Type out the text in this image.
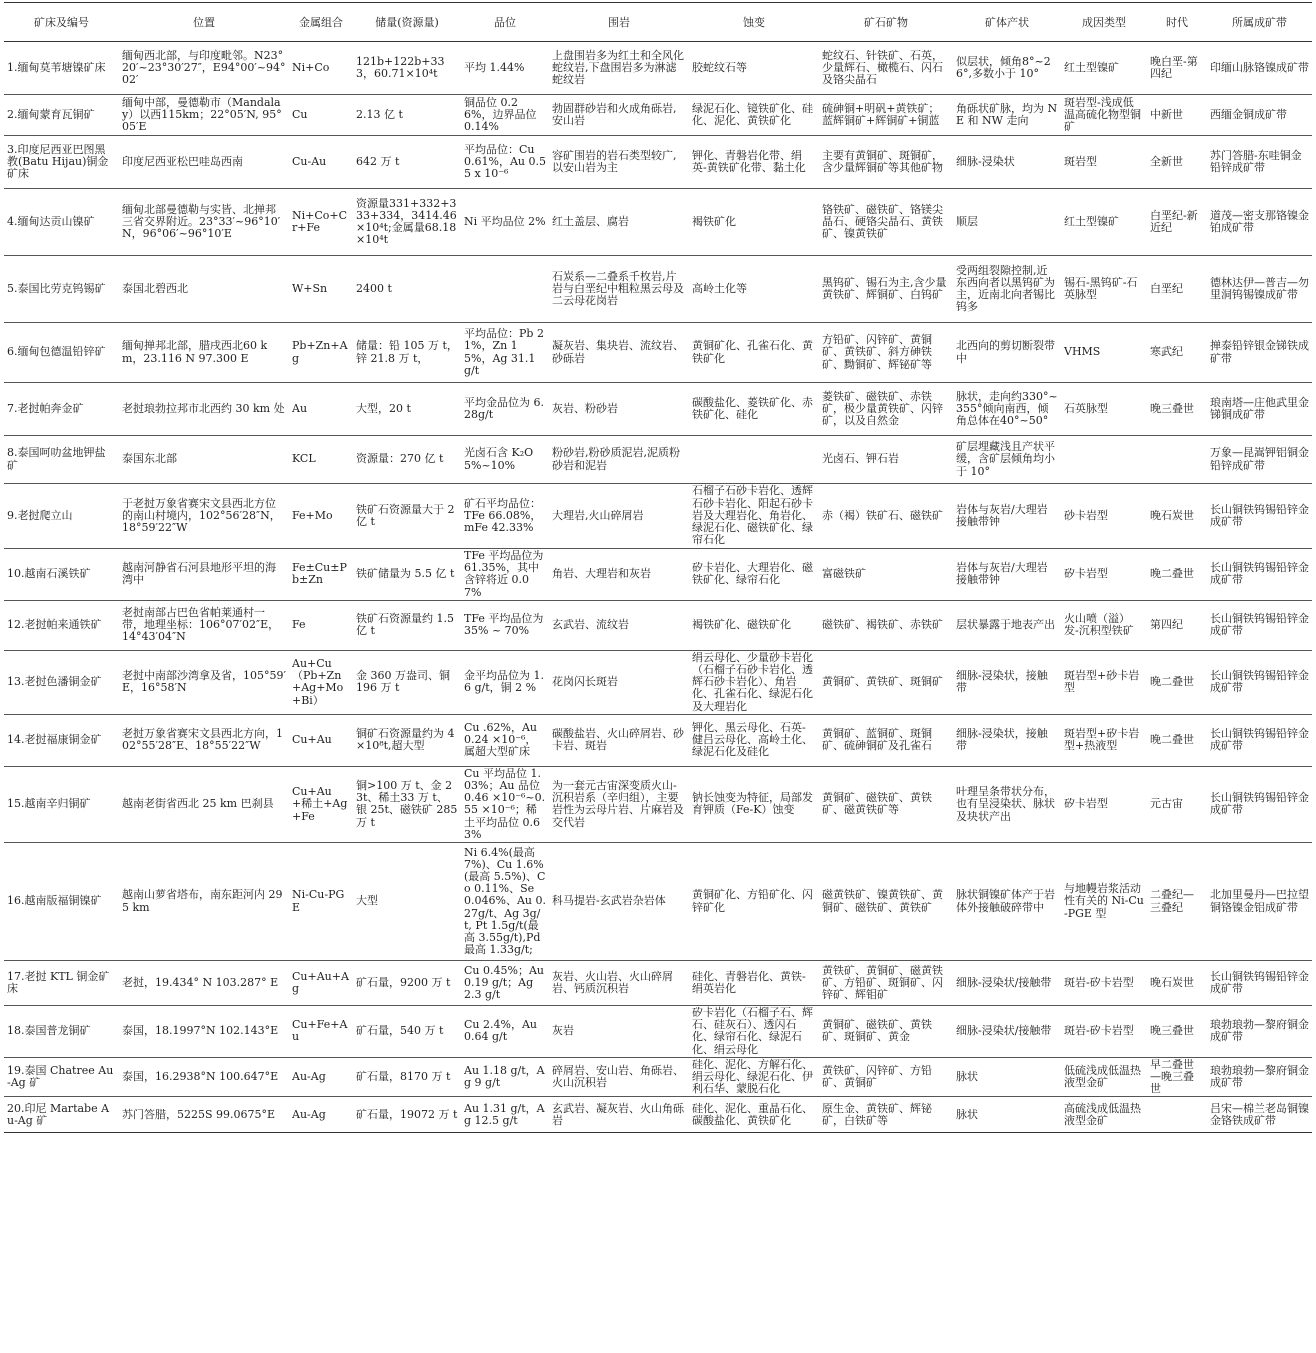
矿床及编号	位置	金属组合	储量(资源量)	品位	围岩	蚀变	矿石矿物	矿体产状	成因类型	时代	所属成矿带
1.缅甸莫苇塘镍矿床	缅甸西北部，与印度毗邻。N23°20′~23°30′27″，E94°00′~94°02′	Ni+Co	121b+122b+333，60.71×10⁴t	平均 1.44%	上盘围岩多为红土和全风化蛇纹岩,下盘围岩多为淋滤蛇纹岩	胶蛇纹石等	蛇纹石、针铁矿、石英，少量辉石、橄榄石、闪石及铬尖晶石	似层状，倾角8°~26°,多数小于 10°	红土型镍矿	晚白垩-第四纪	印缅山脉铬镍成矿带
2.缅甸蒙育瓦铜矿	缅甸中部，曼德勒市（Mandalay）以西115km；22°05′N, 95°05′E	Cu	2.13 亿 t	铜品位 0.26%，边界品位 0.14%	勃固群砂岩和火成角砾岩,安山岩	绿泥石化、镜铁矿化、硅化、泥化、黄铁矿化	硫砷铜+明矾+黄铁矿；蓝辉铜矿+辉铜矿+铜蓝	角砾状矿脉，均为 NE 和 NW 走向	斑岩型-浅成低温高硫化物型铜矿	中新世	西缅金铜成矿带
3.印度尼西亚巴图黑教(Batu Hijau)铜金矿床	印度尼西亚松巴哇岛西南	Cu-Au	642 万 t	平均品位：Cu 0.61%，Au 0.55 x 10⁻⁶	容矿围岩的岩石类型较广,以安山岩为主	钾化、青磐岩化带、绢英-黄铁矿化带、黏土化	主要有黄铜矿、斑铜矿，含少量辉铜矿等其他矿物	细脉-浸染状	斑岩型	全新世	苏门答腊-东哇铜金铅锌成矿带
4.缅甸达贡山镍矿	缅甸北部曼德勒与实皆、北掸邦三省交界附近。23°33′~96°10′N，96°06′~96°10′E	Ni+Co+Cr+Fe	资源量331+332+333+334，3414.46×10⁴t;金属量68.18×10⁴t	Ni 平均品位 2%	红土盖层、腐岩	褐铁矿化	铬铁矿、磁铁矿、铬镁尖晶石、硬铬尖晶石、黄铁矿、镍黄铁矿	顺层	红土型镍矿	白垩纪-新近纪	道茂—密支那铬镍金铂成矿带
5.泰国比劳克钨锡矿	泰国北碧西北	W+Sn	2400 t		石炭系—二叠系千枚岩,片岩与白垩纪中粗粒黑云母及二云母花岗岩	高岭土化等	黑钨矿、锡石为主,含少量黄铁矿、辉铜矿、白钨矿	受两组裂隙控制,近东西向者以黑钨矿为主，近南北向者锡比钨多	锡石-黑钨矿-石英脉型	白垩纪	德林达伊—普吉—勿里洞钨锡镍成矿带
6.缅甸包德温铅锌矿	缅甸掸邦北部，腊戌西北60 km，23.116 N 97.300 E	Pb+Zn+Ag	储量：铅 105 万 t，锌 21.8 万 t，	平均品位：Pb 21%，Zn 15%，Ag 31.1g/t	凝灰岩、集块岩、流纹岩、砂砾岩	黄铜矿化、孔雀石化、黄铁矿化	方铅矿、闪锌矿、黄铜矿、黄铁矿、斜方砷铁矿、黝铜矿、辉铋矿等	北西向的剪切断裂带中	VHMS	寒武纪	掸泰铅锌银金锑铁成矿带
7.老挝帕奔金矿	老挝琅勃拉邦市北西约 30 km 处	Au	大型，20 t	平均金品位为 6.28g/t	灰岩、粉砂岩	碳酸盐化、菱铁矿化、赤铁矿化、硅化	菱铁矿、磁铁矿、赤铁矿，极少量黄铁矿、闪锌矿，以及自然金	脉状，走向约330°~355°倾向南西，倾角总体在40°~50°	石英脉型	晚三叠世	琅南塔—庄他武里金锑铜成矿带
8.泰国呵叻盆地钾盐矿	泰国东北部	KCL	资源量：270 亿 t	光卤石含 K₂O 5%~10%	粉砂岩,粉砂质泥岩,泥质粉砂岩和泥岩		光卤石、钾石岩	矿层埋藏浅且产状平缓，含矿层倾角均小于 10°			万象—昆嵩钾铝铜金铅锌成矿带
9.老挝爬立山	于老挝万象省赛宋文县西北方位的南山村境内，102°56′28″N，18°59′22″W	Fe+Mo	铁矿石资源量大于 2 亿 t	矿石平均品位：TFe 66.08%，mFe 42.33%	大理岩,火山碎屑岩	石榴子石砂卡岩化、透辉石砂卡岩化、阳起石砂卡岩及大理岩化、角岩化、绿泥石化、磁铁矿化、绿帘石化	赤（褐）铁矿石、磁铁矿	岩体与灰岩/大理岩接触带钟	砂卡岩型	晚石炭世	长山铜铁钨锡铅锌金成矿带
10.越南石溪铁矿	越南河静省石河县地形平坦的海湾中	Fe±Cu±Pb±Zn	铁矿储量为 5.5 亿 t	TFe 平均品位为 61.35%，其中含锌将近 0.07%	角岩、大理岩和灰岩	矽卡岩化、大理岩化、磁铁矿化、绿帘石化	富磁铁矿	岩体与灰岩/大理岩接触带钟	矽卡岩型	晚二叠世	长山铜铁钨锡铅锌金成矿带
12.老挝帕来通铁矿	老挝南部占巴色省帕莱通村一带，地理坐标：106°07′02″E，14°43′04″N	Fe	铁矿石资源量约 1.5 亿 t	TFe 平均品位为 35% ~ 70%	玄武岩、流纹岩	褐铁矿化、磁铁矿化	磁铁矿、褐铁矿、赤铁矿	层状暴露于地表产出	火山喷（溢）发-沉积型铁矿	第四纪	长山铜铁钨锡铅锌金成矿带
13.老挝色潘铜金矿	老挝中南部沙湾拿及省，105°59′E，16°58′N	Au+Cu（Pb+Zn+Ag+Mo+Bi）	金 360 万盎司、铜 196 万 t	金平均品位为 1.6 g/t，铜 2 %	花岗闪长斑岩	绢云母化、少量砂卡岩化（石榴子石砂卡岩化、透辉石砂卡岩化）、角岩化、孔雀石化、绿泥石化及大理岩化	黄铜矿、黄铁矿、斑铜矿	细脉-浸染状，接触带	斑岩型+砂卡岩型	晚二叠世	长山铜铁钨锡铅锌金成矿带
14.老挝福康铜金矿	老挝万象省赛宋文县西北方向，102°55′28″E、18°55′22″W	Cu+Au	铜矿石资源量约为 4×10⁸t,超大型	Cu .62%，Au 0.24 ×10⁻⁶，属超大型矿床	碳酸盐岩、火山碎屑岩、砂卡岩、斑岩	钾化、黑云母化、石英-健吕云母化、高岭土化、绿泥石化及硅化	黄铜矿、蓝铜矿、斑铜矿、硫砷铜矿及孔雀石	细脉-浸染状，接触带	斑岩型+矽卡岩型+热液型	晚二叠世	长山铜铁钨锡铅锌金成矿带
15.越南辛归铜矿	越南老街省西北 25 km 巴刹县	Cu+Au+稀土+Ag+Fe	铜>100 万 t、金 23t、稀土33 万 t、银 25t、磁铁矿 285 万 t	Cu 平均品位 1.03%；Au 品位 0.46 ×10⁻⁶~0.55 ×10⁻⁶；稀土平均品位 0.63%	为一套元古宙深变质火山-沉积岩系（辛归组），主要岩性为云母片岩、片麻岩及交代岩	钠长蚀变为特征，局部发育钾质（Fe-K）蚀变	黄铜矿、磁铁矿、黄铁矿、磁黄铁矿等	叶理呈条带状分布，也有呈浸染状、脉状及块状产出	矽卡岩型	元古宙	长山铜铁钨锡铅锌金成矿带
16.越南版福铜镍矿	越南山萝省塔布，南东距河内 295 km	Ni-Cu-PGE	大型	Ni 6.4%(最高 7%)、Cu 1.6%(最高 5.5%)、Co 0.11%、Se 0.046%、Au 0.27g/t、Ag 3g/t, Pt 1.5g/t(最高 3.55g/t),Pd 最高 1.33g/t;	科马提岩-玄武岩杂岩体	黄铜矿化、方铅矿化、闪锌矿化	磁黄铁矿、镍黄铁矿、黄铜矿、磁铁矿、黄铁矿	脉状铜镍矿体产于岩体外接触破碎带中	与地幔岩浆活动性有关的 Ni-Cu-PGE 型	二叠纪—三叠纪	北加里曼丹—巴拉望铜铬镍金铝成矿带
17.老挝 KTL 铜金矿床	老挝，19.434° N 103.287° E	Cu+Au+Ag	矿石量，9200 万 t	Cu 0.45%；Au 0.19 g/t；Ag 2.3 g/t	灰岩、火山岩、火山碎屑岩、钙质沉积岩	硅化、青磐岩化、黄铁-绢英岩化	黄铁矿、黄铜矿、磁黄铁矿、方铅矿、斑铜矿、闪锌矿、辉钼矿	细脉-浸染状/接触带	斑岩-矽卡岩型	晚石炭世	长山铜铁钨锡铅锌金成矿带
18.泰国普龙铜矿	泰国，18.1997°N 102.143°E	Cu+Fe+Au	矿石量，540 万 t	Cu 2.4%，Au 0.64 g/t	灰岩	矽卡岩化（石榴子石、辉石、硅灰石）、透闪石化、绿帘石化、绿泥石化、绢云母化	黄铜矿、磁铁矿、黄铁矿、斑铜矿、黄金	细脉-浸染状/接触带	斑岩-矽卡岩型	晚三叠世	琅勃琅勃—黎府铜金成矿带
19.泰国 Chatree Au-Ag 矿	泰国，16.2938°N 100.647°E	Au-Ag	矿石量，8170 万 t	Au 1.18 g/t，Ag 9 g/t	碎屑岩、安山岩、角砾岩、火山沉积岩	硅化、泥化、方解石化、绢云母化、绿泥石化、伊利石华、蒙脱石化	黄铁矿、闪锌矿、方铅矿、黄铜矿	脉状	低硫浅成低温热液型金矿	早二叠世—晚三叠世	琅勃琅勃—黎府铜金成矿带
20.印尼 Martabe Au-Ag 矿	苏门答腊，5225S 99.0675°E	Au-Ag	矿石量，19072 万 t	Au 1.31 g/t，Ag 12.5 g/t	玄武岩、凝灰岩、火山角砾岩	硅化、泥化、重晶石化、碳酸盐化、黄铁矿化	原生金、黄铁矿、辉铋矿，白铁矿等	脉状	高硫浅成低温热液型金矿		吕宋—棉兰老岛铜镍金铬铁成矿带
